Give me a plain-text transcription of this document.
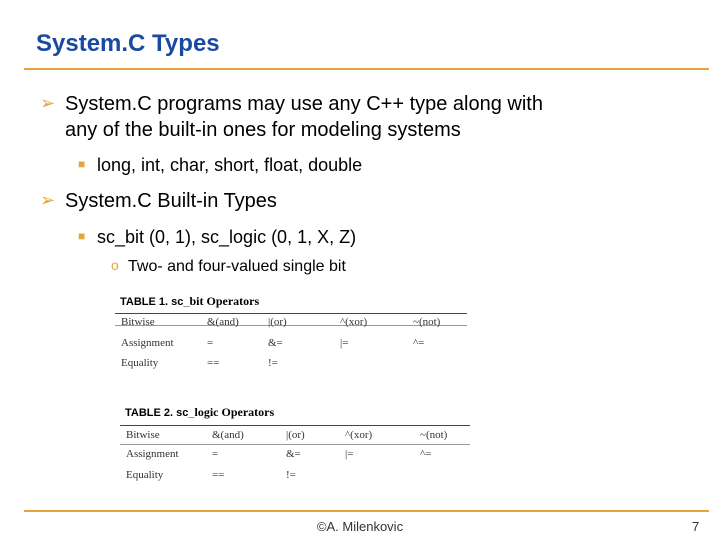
System.C Types
➢ System.C programs may use any C++ type along with
any of the built-in ones for modeling systems
■ long, int, char, short, float, double
➢ System.C Built-in Types
■ sc_bit (0, 1), sc_logic (0, 1, X, Z)
o Two- and four-valued single bit
TABLE 1. sc_bit Operators
Bitwise	&(and)	|(or)	^(xor)	~(not)
Assignment	=	&=	|=	^=
Equality	==	!=
TABLE 2. sc_logic Operators
Bitwise	&(and)	|(or)	^(xor)	~(not)
Assignment	=	&=	|=	^=
Equality	==	!=
©A. Milenkovic	7
